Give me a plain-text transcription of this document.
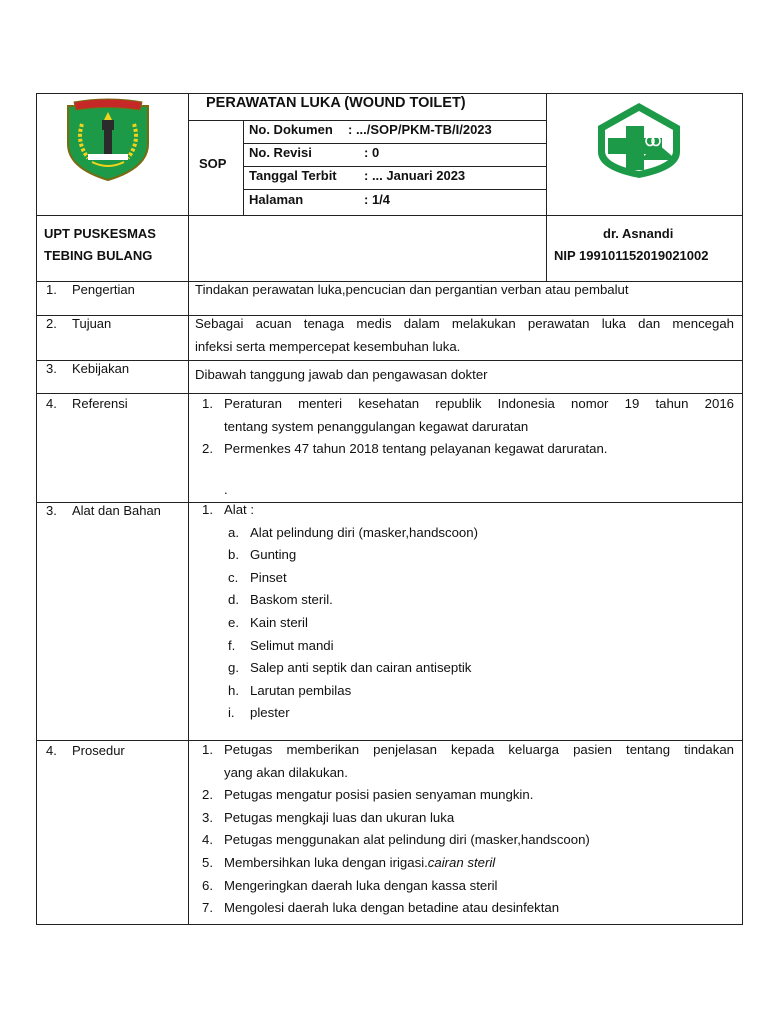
PERAWATAN LUKA (WOUND TOILET)
SOP
No. Dokumen : .../SOP/PKM-TB/I/2023
No. Revisi	: 0
Tanggal Terbit : ... Januari 2023
Halaman	: 1/4
UPT PUSKESMAS
TEBING BULANG
dr. Asnandi
NIP 199101152019021002
1. Pengertian	Tindakan perawatan luka,pencucian dan pergantian verban atau pembalut
2. Tujuan	Sebagai acuan tenaga medis dalam melakukan perawatan luka dan mencegah
infeksi serta mempercepat kesembuhan luka.
3. Kebijakan	Dibawah tanggung jawab dan pengawasan dokter
4. Referensi	1. Peraturan menteri kesehatan republik Indonesia nomor 19 tahun 2016
tentang system penanggulangan kegawat daruratan
2. Permenkes 47 tahun 2018 tentang pelayanan kegawat daruratan.
.
3. Alat dan Bahan	1. Alat :
a. Alat pelindung diri (masker,handscoon)
b. Gunting
c. Pinset
d. Baskom steril.
e. Kain steril
f. Selimut mandi
g. Salep anti septik dan cairan antiseptik
h. Larutan pembilas
i. plester
4. Prosedur	1. Petugas memberikan penjelasan kepada keluarga pasien tentang tindakan
yang akan dilakukan.
2. Petugas mengatur posisi pasien senyaman mungkin.
3. Petugas mengkaji luas dan ukuran luka
4. Petugas menggunakan alat pelindung diri (masker,handscoon)
5. Membersihkan luka dengan irigasi.cairan steril
6. Mengeringkan daerah luka dengan kassa steril
7. Mengolesi daerah luka dengan betadine atau desinfektan
